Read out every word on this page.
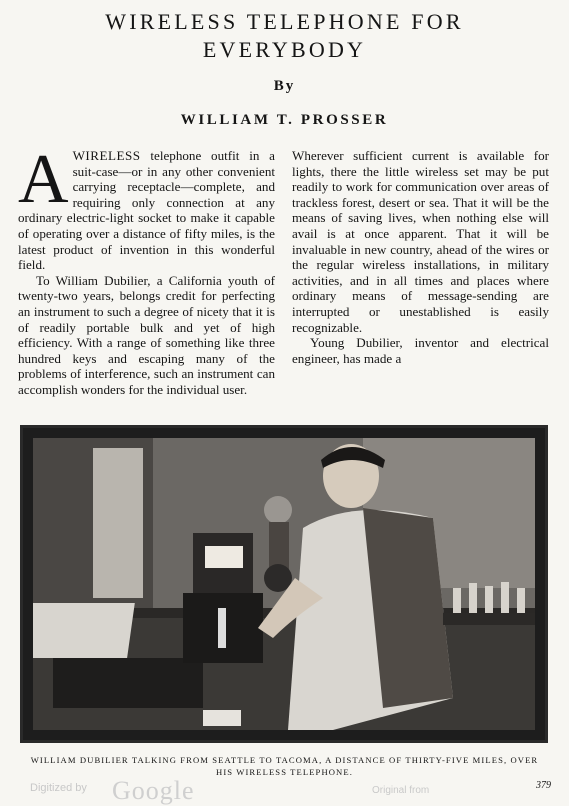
WIRELESS TELEPHONE FOR
EVERYBODY
By
WILLIAM T. PROSSER

AWIRELESS telephone outfit in a suit-case—or in any other convenient carrying receptacle—complete, and requiring only connection at any ordinary electric-light socket to make it capable of operating over a distance of fifty miles, is the latest product of invention in this wonderful field.

To William Dubilier, a California youth of twenty-two years, belongs credit for perfecting an instrument to such a degree of nicety that it is of readily portable bulk and yet of high efficiency. With a range of something like three hundred keys and escaping many of the problems of interference, such an instrument can accomplish wonders for the individual user.

Wherever sufficient current is available for lights, there the little wireless set may be put readily to work for communication over areas of trackless forest, desert or sea. That it will be the means of saving lives, when nothing else will avail is at once apparent. That it will be invaluable in new country, ahead of the wires or the regular wireless installations, in military activities, and in all times and places where ordinary means of message-sending are interrupted or unestablished is easily recognizable.

Young Dubilier, inventor and electrical engineer, has made a

WILLIAM DUBILIER TALKING FROM SEATTLE TO TACOMA, A DISTANCE OF THIRTY-FIVE MILES, OVER HIS WIRELESS TELEPHONE.
Digitized by Google	Original from	379
